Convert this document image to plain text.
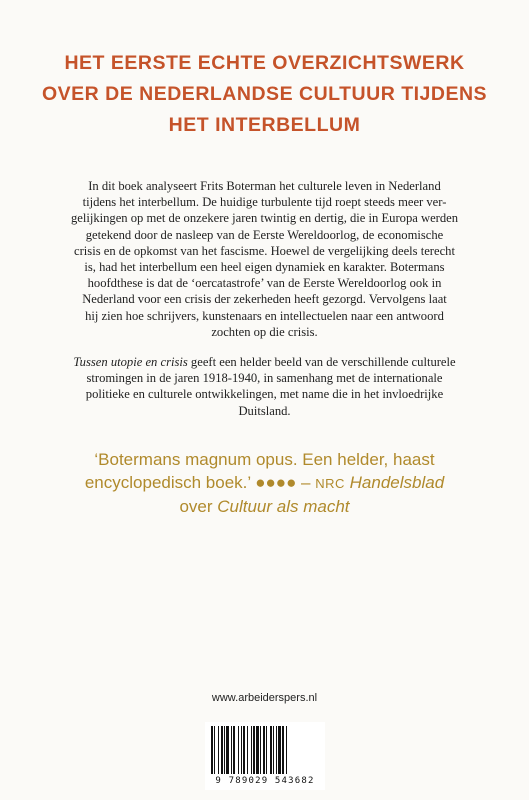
HET EERSTE ECHTE OVERZICHTSWERK
OVER DE NEDERLANDSE CULTUUR TIJDENS
HET INTERBELLUM
In dit boek analyseert Frits Boterman het culturele leven in Nederland
tijdens het interbellum. De huidige turbulente tijd roept steeds meer ver-
gelijkingen op met de onzekere jaren twintig en dertig, die in Europa werden
getekend door de nasleep van de Eerste Wereldoorlog, de economische
crisis en de opkomst van het fascisme. Hoewel de vergelijking deels terecht
is, had het interbellum een heel eigen dynamiek en karakter. Botermans
hoofdthese is dat de ‘oercatastrofe’ van de Eerste Wereldoorlog ook in
Nederland voor een crisis der zekerheden heeft gezorgd. Vervolgens laat
hij zien hoe schrijvers, kunstenaars en intellectuelen naar een antwoord
zochten op die crisis.
Tussen utopie en crisis geeft een helder beeld van de verschillende culturele
stromingen in de jaren 1918-1940, in samenhang met de internationale
politieke en culturele ontwikkelingen, met name die in het invloedrijke
Duitsland.
‘Botermans magnum opus. Een helder, haast
encyclopedisch boek.’ ●●●● – NRC Handelsblad
over Cultuur als macht
www.arbeiderspers.nl
9 789029 543682
